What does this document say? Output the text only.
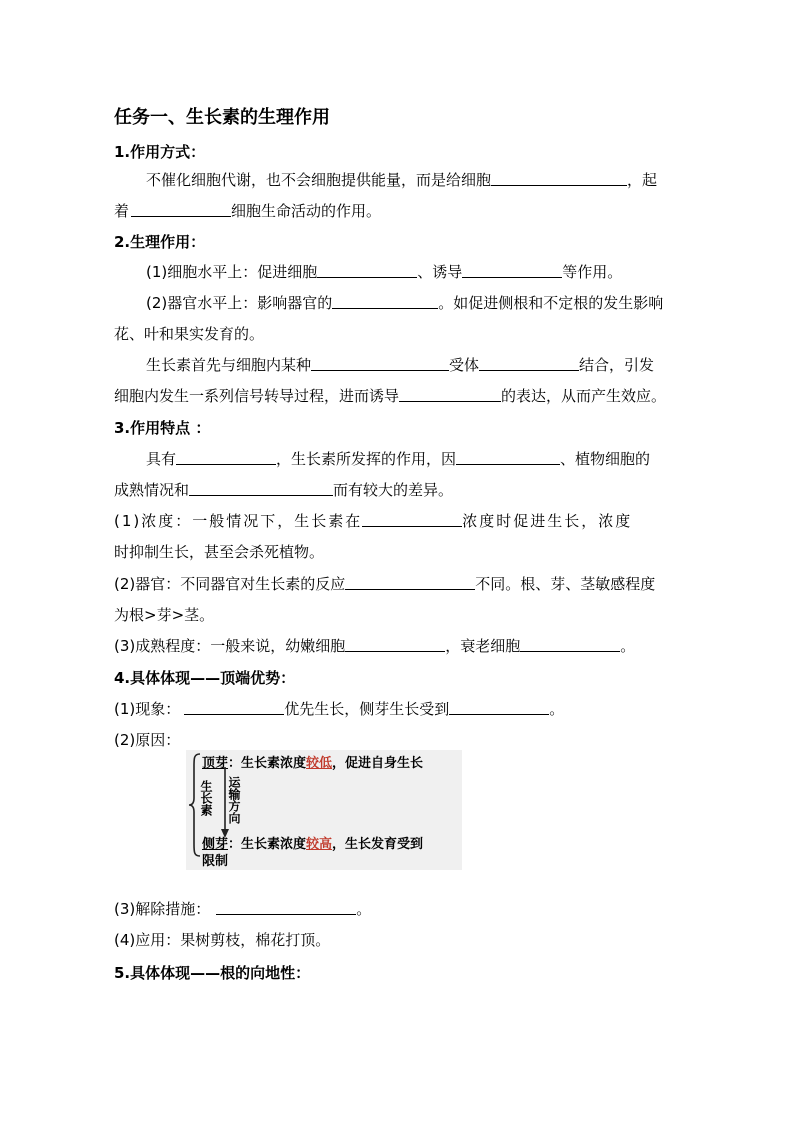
任务一、生长素的生理作用
1.作用方式：
不催化细胞代谢，也不会细胞提供能量，而是给细胞	，起
着	细胞生命活动的作用。
2.生理作用：
(1)细胞水平上：促进细胞	、诱导	等作用。
(2)器官水平上：影响器官的	。如促进侧根和不定根的发生影响
花、叶和果实发育的。
生长素首先与细胞内某种	受体	结合，引发
细胞内发生一系列信号转导过程，进而诱导	的表达，从而产生效应。
3.作用特点 ：
具有	，生长素所发挥的作用，因	、植物细胞的
成熟情况和	而有较大的差异。
(1)浓度：一般情况下，生长素在	浓度时促进生长，浓度
时抑制生长，甚至会杀死植物。
(2)器官：不同器官对生长素的反应	不同。根、芽、茎敏感程度
为根>芽>茎。
(3)成熟程度：一般来说，幼嫩细胞	，衰老细胞	。
4.具体体现——顶端优势：
(1)现象：	优先生长，侧芽生长受到	。
(2)原因：
顶芽：生长素浓度较低，促进自身生长
生长素 运输方向
侧芽：生长素浓度较高，生长发育受到
限制
(3)解除措施：	。
(4)应用：果树剪枝，棉花打顶。
5.具体体现——根的向地性：
